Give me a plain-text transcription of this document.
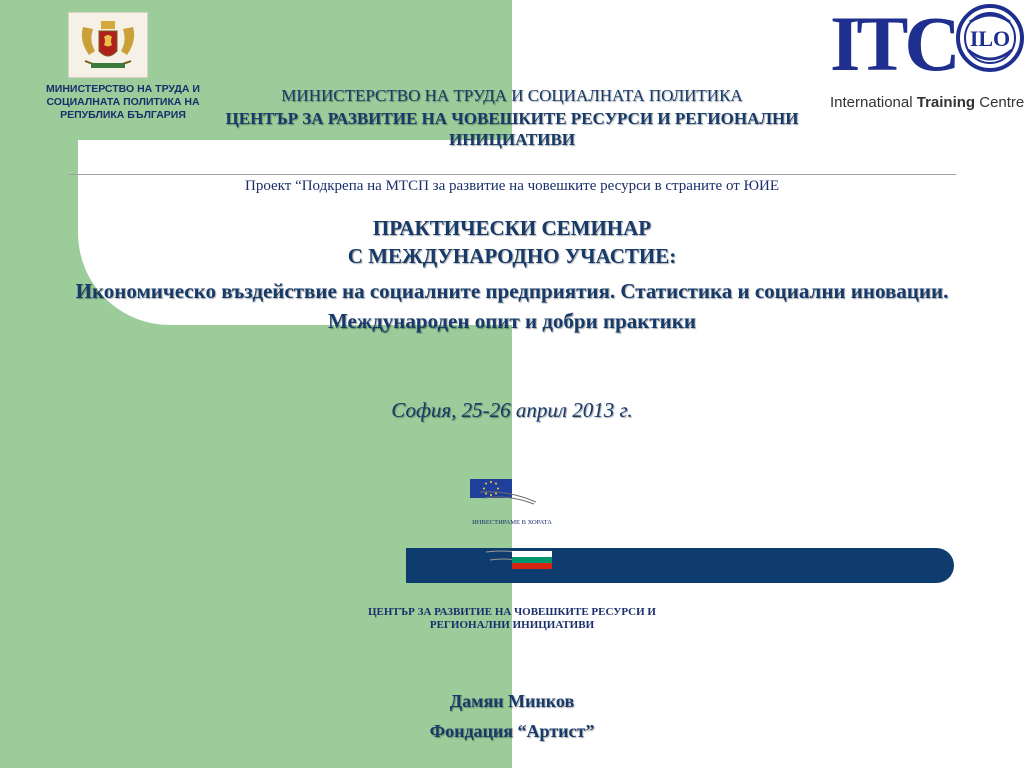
МИНИСТЕРСТВО НА ТРУДА И СОЦИАЛНАТА ПОЛИТИКА НА РЕПУБЛИКА БЪЛГАРИЯ
ITC ILO
International Training Centre
МИНИСТЕРСТВО НА ТРУДА И СОЦИАЛНАТА ПОЛИТИКА
ЦЕНТЪР ЗА РАЗВИТИЕ НА ЧОВЕШКИТЕ РЕСУРСИ И РЕГИОНАЛНИ ИНИЦИАТИВИ
Проект “Подкрепа на МТСП за развитие на човешките ресурси в страните от ЮИЕ
ПРАКТИЧЕСКИ СЕМИНАР
С МЕЖДУНАРОДНО УЧАСТИЕ:
Икономическо въздействие на социалните предприятия. Статистика и социални иновации. Международен опит и добри практики
София, 25-26 април 2013 г.
ИНВЕСТИРАМЕ В ХОРАТА
ЦЕНТЪР ЗА РАЗВИТИЕ НА ЧОВЕШКИТЕ РЕСУРСИ И РЕГИОНАЛНИ ИНИЦИАТИВИ
Дамян Минков
Фондация “Артист”
